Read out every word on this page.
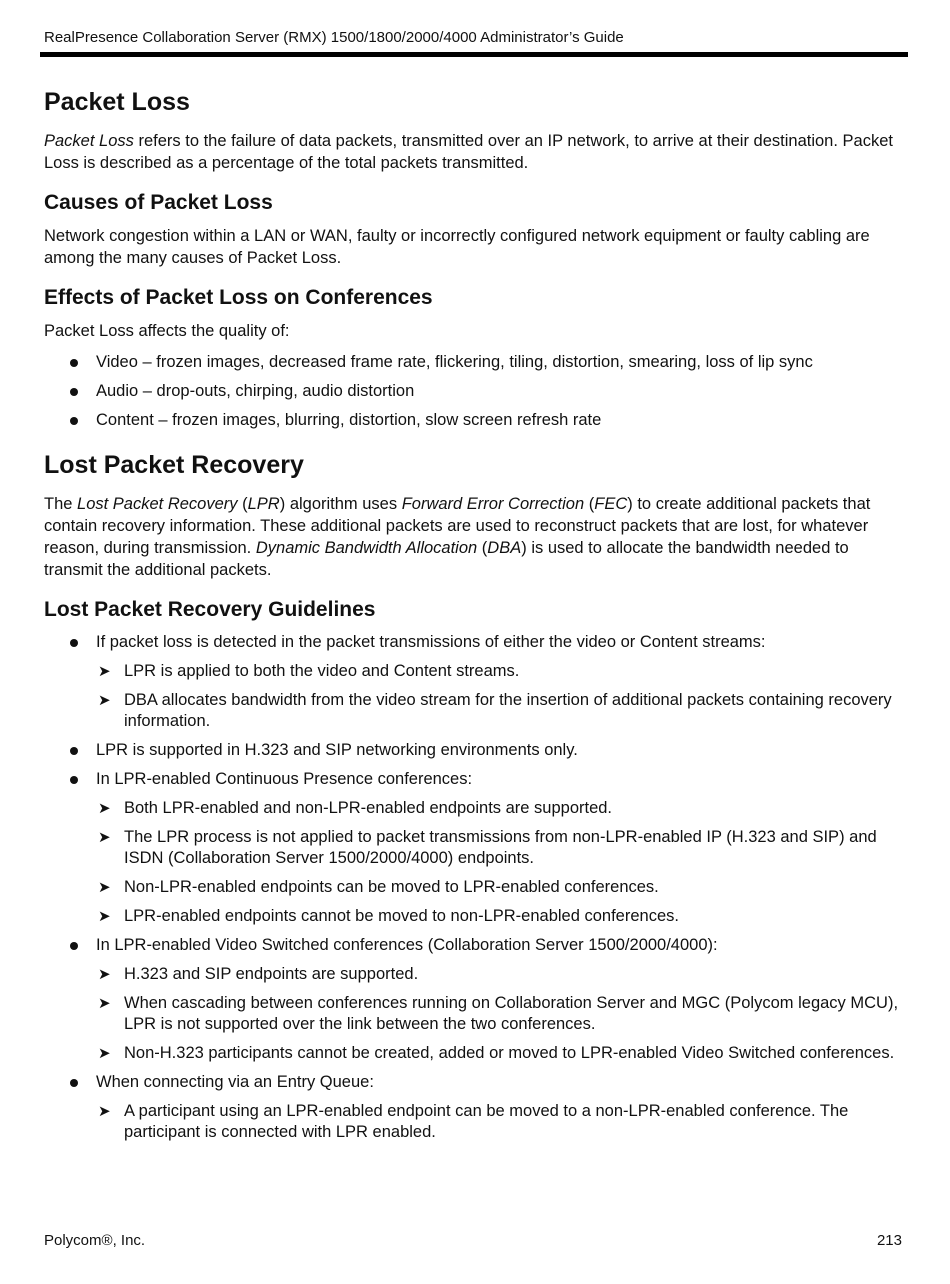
RealPresence Collaboration Server (RMX) 1500/1800/2000/4000 Administrator’s Guide
Packet Loss

Packet Loss refers to the failure of data packets, transmitted over an IP network, to arrive at their destination. Packet Loss is described as a percentage of the total packets transmitted.

Causes of Packet Loss

Network congestion within a LAN or WAN, faulty or incorrectly configured network equipment or faulty cabling are among the many causes of Packet Loss.

Effects of Packet Loss on Conferences

Packet Loss affects the quality of:

Video – frozen images, decreased frame rate, flickering, tiling, distortion, smearing, loss of lip sync
Audio – drop-outs, chirping, audio distortion
Content – frozen images, blurring, distortion, slow screen refresh rate
Lost Packet Recovery

The Lost Packet Recovery (LPR) algorithm uses Forward Error Correction (FEC) to create additional packets that contain recovery information. These additional packets are used to reconstruct packets that are lost, for whatever reason, during transmission. Dynamic Bandwidth Allocation (DBA) is used to allocate the bandwidth needed to transmit the additional packets.

Lost Packet Recovery Guidelines
If packet loss is detected in the packet transmissions of either the video or Content streams:
➤ LPR is applied to both the video and Content streams.
➤ DBA allocates bandwidth from the video stream for the insertion of additional packets containing recovery information.
LPR is supported in H.323 and SIP networking environments only.
In LPR-enabled Continuous Presence conferences:
➤ Both LPR-enabled and non-LPR-enabled endpoints are supported.
➤ The LPR process is not applied to packet transmissions from non-LPR-enabled IP (H.323 and SIP) and ISDN (Collaboration Server 1500/2000/4000) endpoints.
➤ Non-LPR-enabled endpoints can be moved to LPR-enabled conferences.
➤ LPR-enabled endpoints cannot be moved to non-LPR-enabled conferences.
In LPR-enabled Video Switched conferences (Collaboration Server 1500/2000/4000):
➤ H.323 and SIP endpoints are supported.
➤ When cascading between conferences running on Collaboration Server and MGC (Polycom legacy MCU), LPR is not supported over the link between the two conferences.
➤ Non-H.323 participants cannot be created, added or moved to LPR-enabled Video Switched conferences.
When connecting via an Entry Queue:
➤ A participant using an LPR-enabled endpoint can be moved to a non-LPR-enabled conference. The participant is connected with LPR enabled.
Polycom®, Inc.	213
